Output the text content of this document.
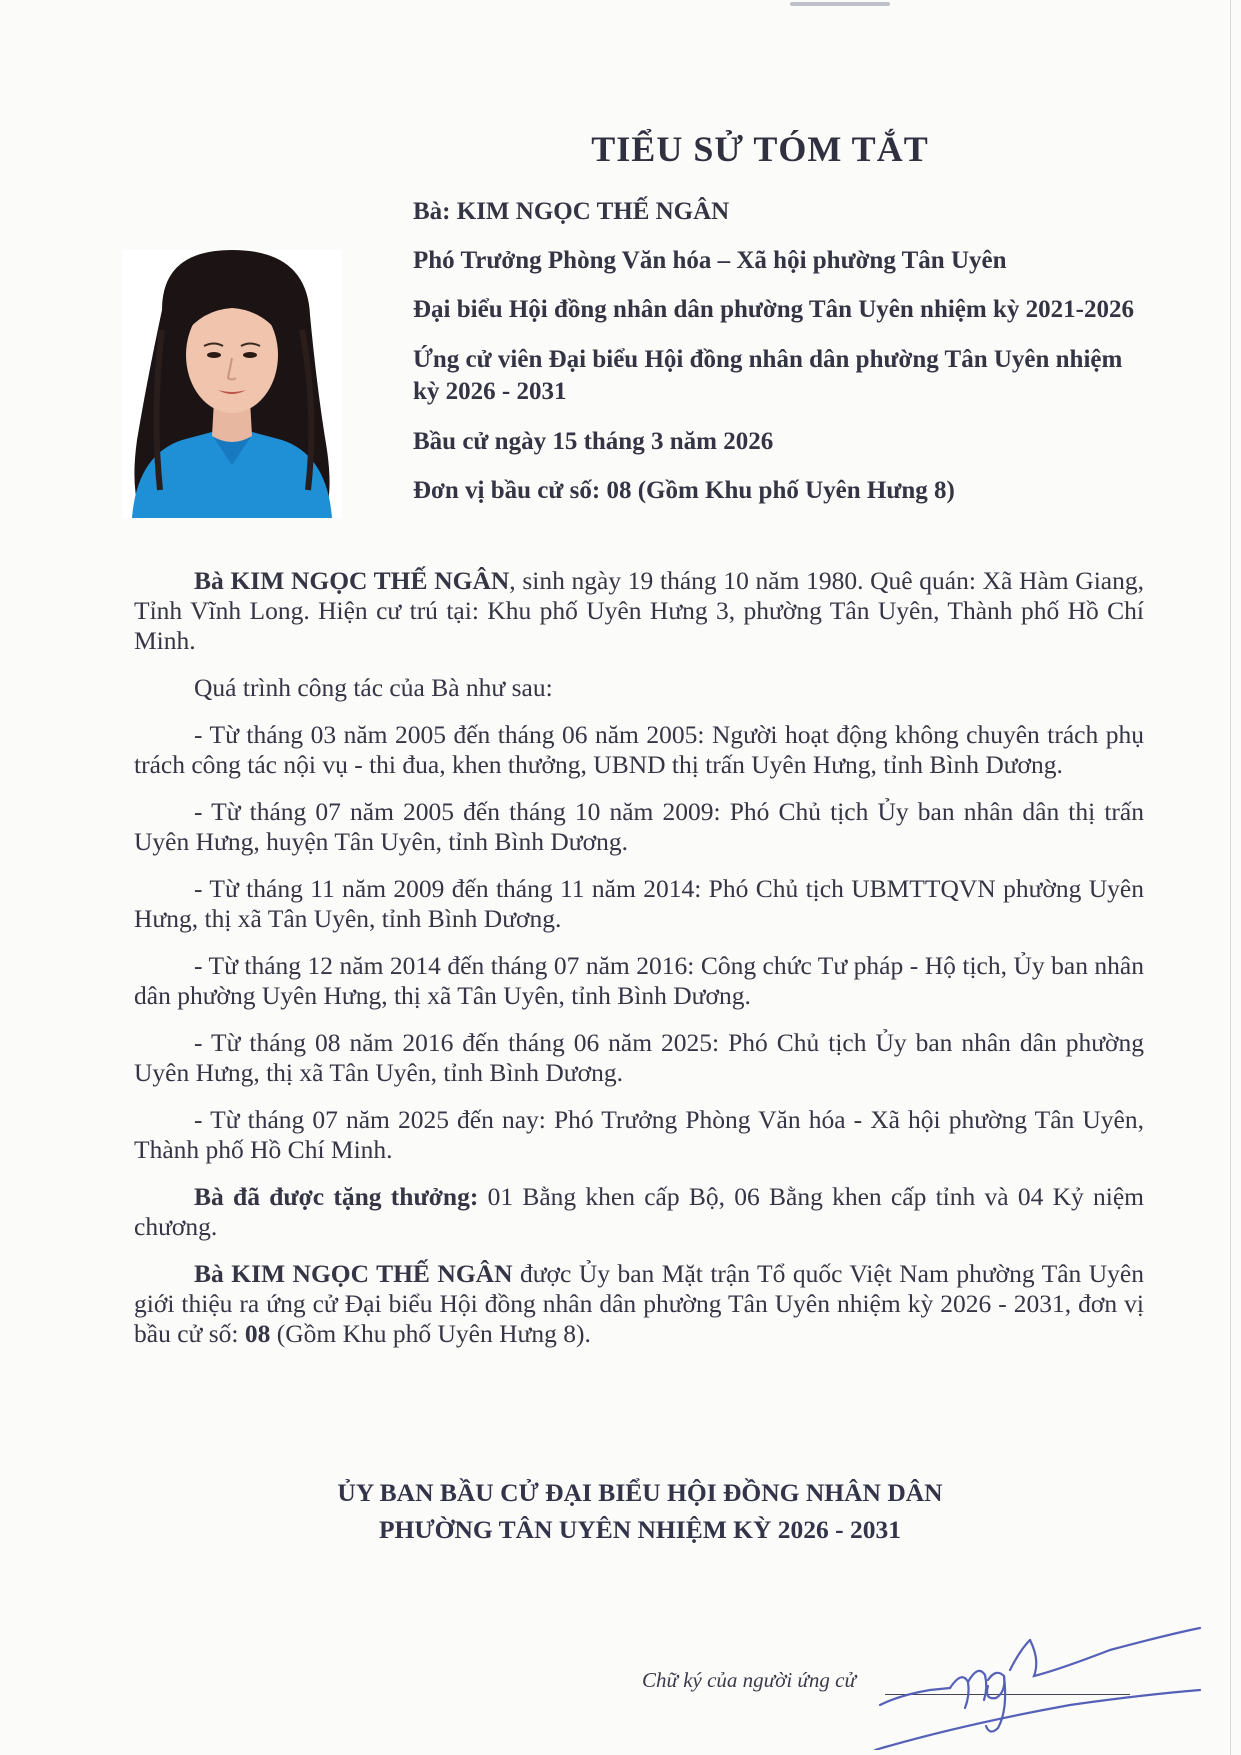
TIỂU SỬ TÓM TẮT
Bà: KIM NGỌC THẾ NGÂN
Phó Trưởng Phòng Văn hóa – Xã hội phường Tân Uyên
Đại biểu Hội đồng nhân dân phường Tân Uyên nhiệm kỳ 2021-2026
Ứng cử viên Đại biểu Hội đồng nhân dân phường Tân Uyên nhiệm kỳ 2026 - 2031
Bầu cử ngày 15 tháng 3 năm 2026
Đơn vị bầu cử số: 08 (Gồm Khu phố Uyên Hưng 8)

Bà KIM NGỌC THẾ NGÂN, sinh ngày 19 tháng 10 năm 1980. Quê quán: Xã Hàm Giang, Tỉnh Vĩnh Long. Hiện cư trú tại: Khu phố Uyên Hưng 3, phường Tân Uyên, Thành phố Hồ Chí Minh.

Quá trình công tác của Bà như sau:

- Từ tháng 03 năm 2005 đến tháng 06 năm 2005: Người hoạt động không chuyên trách phụ trách công tác nội vụ - thi đua, khen thưởng, UBND thị trấn Uyên Hưng, tỉnh Bình Dương.

- Từ tháng 07 năm 2005 đến tháng 10 năm 2009: Phó Chủ tịch Ủy ban nhân dân thị trấn Uyên Hưng, huyện Tân Uyên, tỉnh Bình Dương.

- Từ tháng 11 năm 2009 đến tháng 11 năm 2014: Phó Chủ tịch UBMTTQVN phường Uyên Hưng, thị xã Tân Uyên, tỉnh Bình Dương.

- Từ tháng 12 năm 2014 đến tháng 07 năm 2016: Công chức Tư pháp - Hộ tịch, Ủy ban nhân dân phường Uyên Hưng, thị xã Tân Uyên, tỉnh Bình Dương.

- Từ tháng 08 năm 2016 đến tháng 06 năm 2025: Phó Chủ tịch Ủy ban nhân dân phường Uyên Hưng, thị xã Tân Uyên, tỉnh Bình Dương.

- Từ tháng 07 năm 2025 đến nay: Phó Trưởng Phòng Văn hóa - Xã hội phường Tân Uyên, Thành phố Hồ Chí Minh.

Bà đã được tặng thưởng: 01 Bằng khen cấp Bộ, 06 Bằng khen cấp tỉnh và 04 Kỷ niệm chương.

Bà KIM NGỌC THẾ NGÂN được Ủy ban Mặt trận Tổ quốc Việt Nam phường Tân Uyên giới thiệu ra ứng cử Đại biểu Hội đồng nhân dân phường Tân Uyên nhiệm kỳ 2026 - 2031, đơn vị bầu cử số: 08 (Gồm Khu phố Uyên Hưng 8).

ỦY BAN BẦU CỬ ĐẠI BIỂU HỘI ĐỒNG NHÂN DÂN
PHƯỜNG TÂN UYÊN NHIỆM KỲ 2026 - 2031
Chữ ký của người ứng cử
